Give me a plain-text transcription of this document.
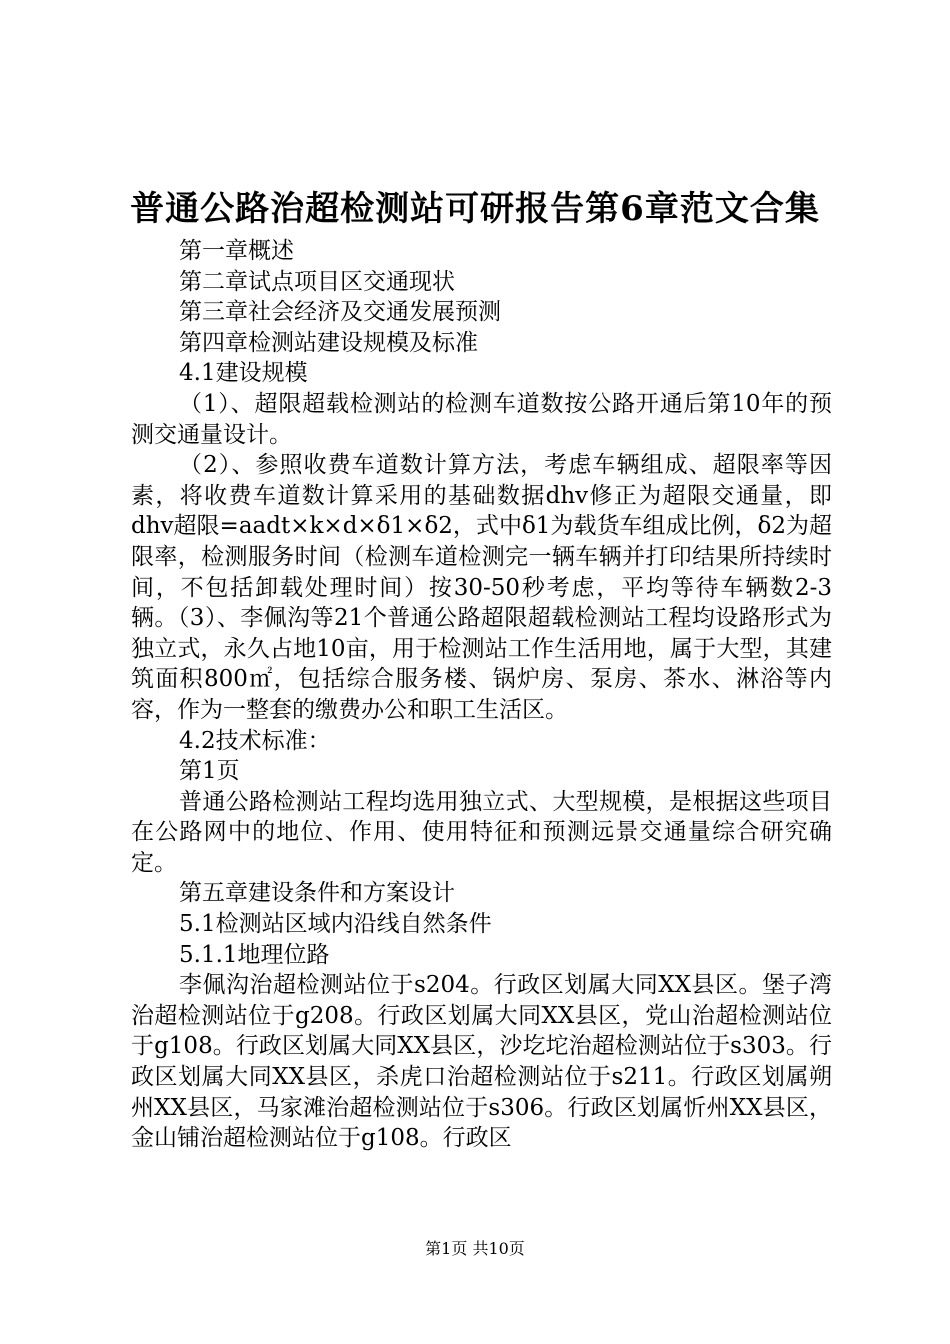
普通公路治超检测站可研报告第6章范文合集

第一章概述

第二章试点项目区交通现状

第三章社会经济及交通发展预测

第四章检测站建设规模及标准

4.1建设规模

（1）、超限超载检测站的检测车道数按公路开通后第10年的预测交通量设计。

（2）、参照收费车道数计算方法，考虑车辆组成、超限率等因素，将收费车道数计算采用的基础数据dhv修正为超限交通量，即dhv超限=aadt×k×d×δ1×δ2，式中δ1为载货车组成比例，δ2为超限率，检测服务时间（检测车道检测完一辆车辆并打印结果所持续时间，不包括卸载处理时间）按30-50秒考虑，平均等待车辆数2-3辆。（3）、李佩沟等21个普通公路超限超载检测站工程均设路形式为独立式，永久占地10亩，用于检测站工作生活用地，属于大型，其建筑面积800㎡，包括综合服务楼、锅炉房、泵房、茶水、淋浴等内容，作为一整套的缴费办公和职工生活区。

4.2技术标准：

第1页

普通公路检测站工程均选用独立式、大型规模，是根据这些项目在公路网中的地位、作用、使用特征和预测远景交通量综合研究确定。

第五章建设条件和方案设计

5.1检测站区域内沿线自然条件

5.1.1地理位路

李佩沟治超检测站位于s204。行政区划属大同XX县区。堡子湾治超检测站位于g208。行政区划属大同XX县区，党山治超检测站位于g108。行政区划属大同XX县区，沙圪坨治超检测站位于s303。行政区划属大同XX县区，杀虎口治超检测站位于s211。行政区划属朔州XX县区，马家滩治超检测站位于s306。行政区划属忻州XX县区，金山铺治超检测站位于g108。行政区

第1页 共10页
